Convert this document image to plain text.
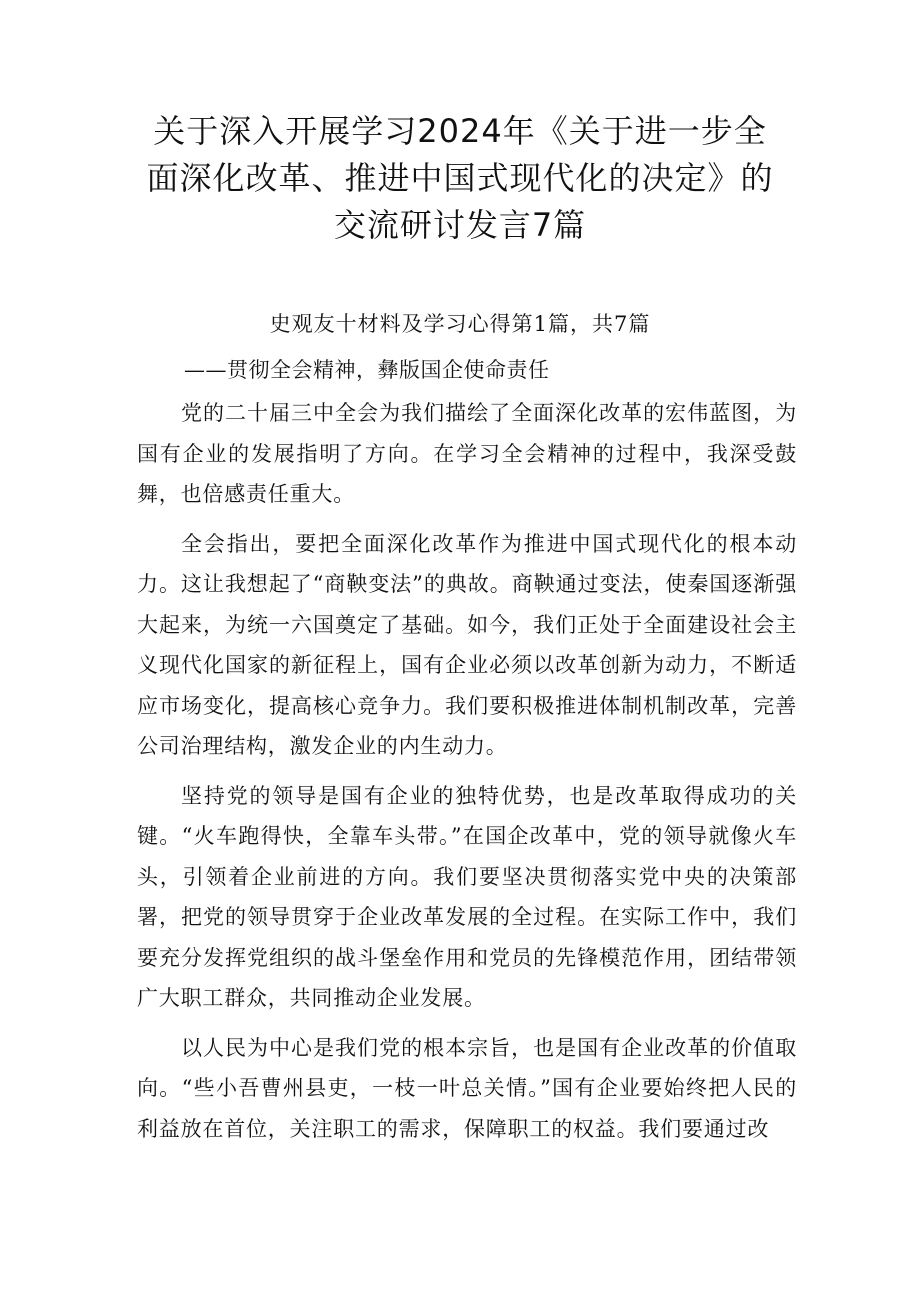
关于深入开展学习2024年《关于进一步全
面深化改革、推进中国式现代化的决定》的
交流研讨发言7篇
史观友十材料及学习心得第1篇，共7篇
——贯彻全会精神，彝版国企使命责任

党的二十届三中全会为我们描绘了全面深化改革的宏伟蓝图，为国有企业的发展指明了方向。在学习全会精神的过程中，我深受鼓舞，也倍感责任重大。

全会指出，要把全面深化改革作为推进中国式现代化的根本动力。这让我想起了“商鞅变法”的典故。商鞅通过变法，使秦国逐渐强大起来，为统一六国奠定了基础。如今，我们正处于全面建设社会主义现代化国家的新征程上，国有企业必须以改革创新为动力，不断适应市场变化，提高核心竞争力。我们要积极推进体制机制改革，完善公司治理结构，激发企业的内生动力。

坚持党的领导是国有企业的独特优势，也是改革取得成功的关键。“火车跑得快，全靠车头带。”在国企改革中，党的领导就像火车头，引领着企业前进的方向。我们要坚决贯彻落实党中央的决策部署，把党的领导贯穿于企业改革发展的全过程。在实际工作中，我们要充分发挥党组织的战斗堡垒作用和党员的先锋模范作用，团结带领广大职工群众，共同推动企业发展。

以人民为中心是我们党的根本宗旨，也是国有企业改革的价值取向。“些小吾曹州县吏，一枝一叶总关情。”国有企业要始终把人民的利益放在首位，关注职工的需求，保障职工的权益。我们要通过改
